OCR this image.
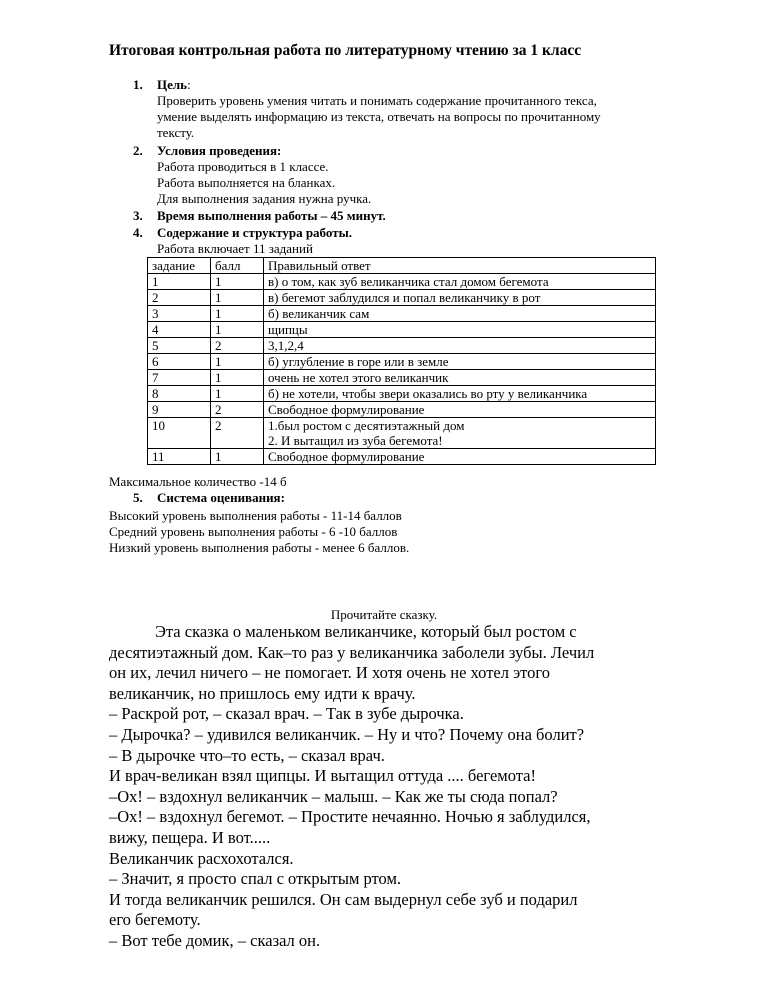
Итоговая контрольная работа по литературному чтению за 1 класс
1. Цель:
Проверить уровень умения читать и понимать содержание прочитанного текса,
умение выделять информацию из текста, отвечать на вопросы по прочитанному
тексту.
2. Условия проведения:
Работа проводиться в 1 классе.
Работа выполняется на бланках.
Для выполнения задания нужна ручка.
3. Время выполнения работы – 45 минут.
4. Содержание и структура работы.
Работа включает 11 заданий
задание	балл	Правильный ответ
1	1	в) о том, как зуб великанчика стал домом бегемота
2	1	в) бегемот заблудился и попал великанчику в рот
3	1	б) великанчик сам
4	1	щипцы
5	2	3,1,2,4
6	1	б) углубление в горе или в земле
7	1	очень не хотел этого великанчик
8	1	б) не хотели, чтобы звери оказались во рту у великанчика
9	2	Свободное формулирование
10	2	1.был ростом с десятиэтажный дом
2. И вытащил из зуба бегемота!

11	1	Свободное формулирование
Максимальное количество -14 б
5. Система оценивания:
Высокий уровень выполнения работы - 11-14 баллов
Средний уровень выполнения работы - 6 -10 баллов
Низкий уровень выполнения работы - менее 6 баллов.
Прочитайте сказку.
Эта сказка о маленьком великанчике, который был ростом с
десятиэтажный дом. Как–то раз у великанчика заболели зубы. Лечил
он их, лечил ничего – не помогает. И хотя очень не хотел этого
великанчик, но пришлось ему идти к врачу.
– Раскрой рот, – сказал врач. – Так в зубе дырочка.
– Дырочка? – удивился великанчик. – Ну и что? Почему она болит?
– В дырочке что–то есть, – сказал врач.
И врач-великан взял щипцы. И вытащил оттуда .... бегемота!
–Ох! – вздохнул великанчик – малыш. – Как же ты сюда попал?
–Ох! – вздохнул бегемот. – Простите нечаянно. Ночью я заблудился,
вижу, пещера. И вот.....
Великанчик расхохотался.
– Значит, я просто спал с открытым ртом.
И тогда великанчик решился. Он сам выдернул себе зуб и подарил
его бегемоту.
– Вот тебе домик, – сказал он.
